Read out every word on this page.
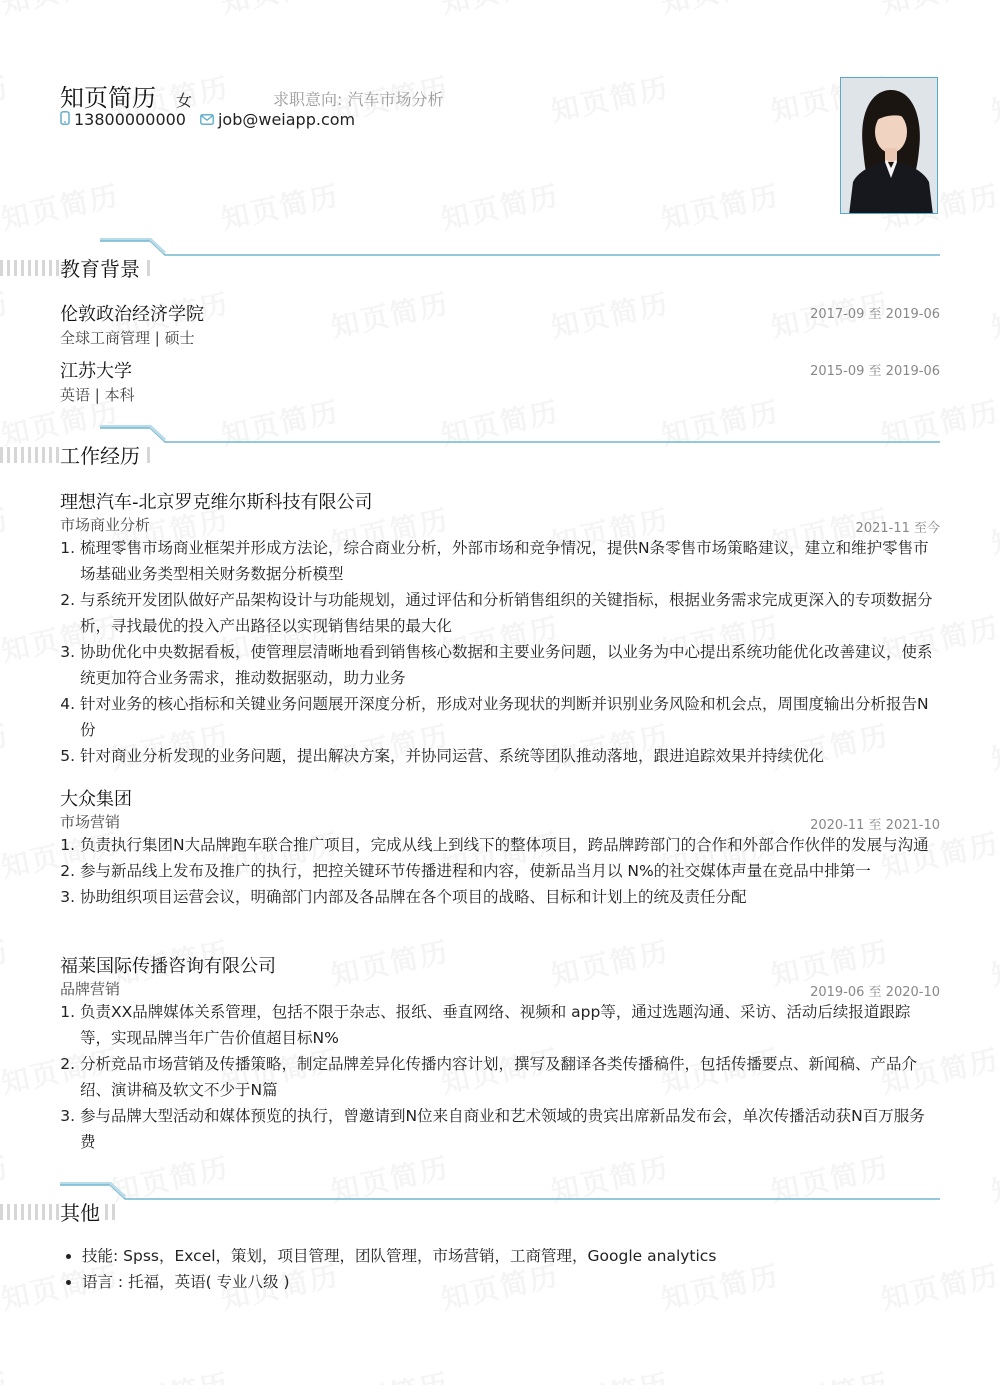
知页简历 女	求职意向: 汽车市场分析
13800000000 job@weiapp.com
教育背景
伦敦政治经济学院	2017-09 至 2019-06
全球工商管理 | 硕士
江苏大学	2015-09 至 2019-06
英语 | 本科
工作经历
理想汽车-北京罗克维尔斯科技有限公司
市场商业分析	2021-11 至今
1. 梳理零售市场商业框架并形成方法论，综合商业分析，外部市场和竞争情况，提供N条零售市场策略建议，建立和维护零售市场基础业务类型相关财务数据分析模型
2. 与系统开发团队做好产品架构设计与功能规划，通过评估和分析销售组织的关键指标，根据业务需求完成更深入的专项数据分析，寻找最优的投入产出路径以实现销售结果的最大化
3. 协助优化中央数据看板，使管理层清晰地看到销售核心数据和主要业务问题，以业务为中心提出系统功能优化改善建议，使系统更加符合业务需求，推动数据驱动，助力业务
4. 针对业务的核心指标和关键业务问题展开深度分析，形成对业务现状的判断并识别业务风险和机会点，周围度输出分析报告N份
5. 针对商业分析发现的业务问题，提出解决方案，并协同运营、系统等团队推动落地，跟进追踪效果并持续优化
大众集团
市场营销	2020-11 至 2021-10
1. 负责执行集团N大品牌跑车联合推广项目，完成从线上到线下的整体项目，跨品牌跨部门的合作和外部合作伙伴的发展与沟通
2. 参与新品线上发布及推广的执行，把控关键环节传播进程和内容，使新品当月以 N%的社交媒体声量在竞品中排第一
3. 协助组织项目运营会议，明确部门内部及各品牌在各个项目的战略、目标和计划上的统及责任分配
福莱国际传播咨询有限公司
品牌营销	2019-06 至 2020-10
1. 负责XX品牌媒体关系管理，包括不限于杂志、报纸、垂直网络、视频和 app等，通过选题沟通、采访、活动后续报道跟踪等，实现品牌当年广告价值超目标N%
2. 分析竞品市场营销及传播策略，制定品牌差异化传播内容计划，撰写及翻译各类传播稿件，包括传播要点、新闻稿、产品介绍、演讲稿及软文不少于N篇
3. 参与品牌大型活动和媒体预览的执行，曾邀请到N位来自商业和艺术领域的贵宾出席新品发布会，单次传播活动获N百万服务费
其他
• 技能: Spss，Excel，策划，项目管理，团队管理，市场营销，工商管理，Google analytics
• 语言 : 托福，英语( 专业八级 )
